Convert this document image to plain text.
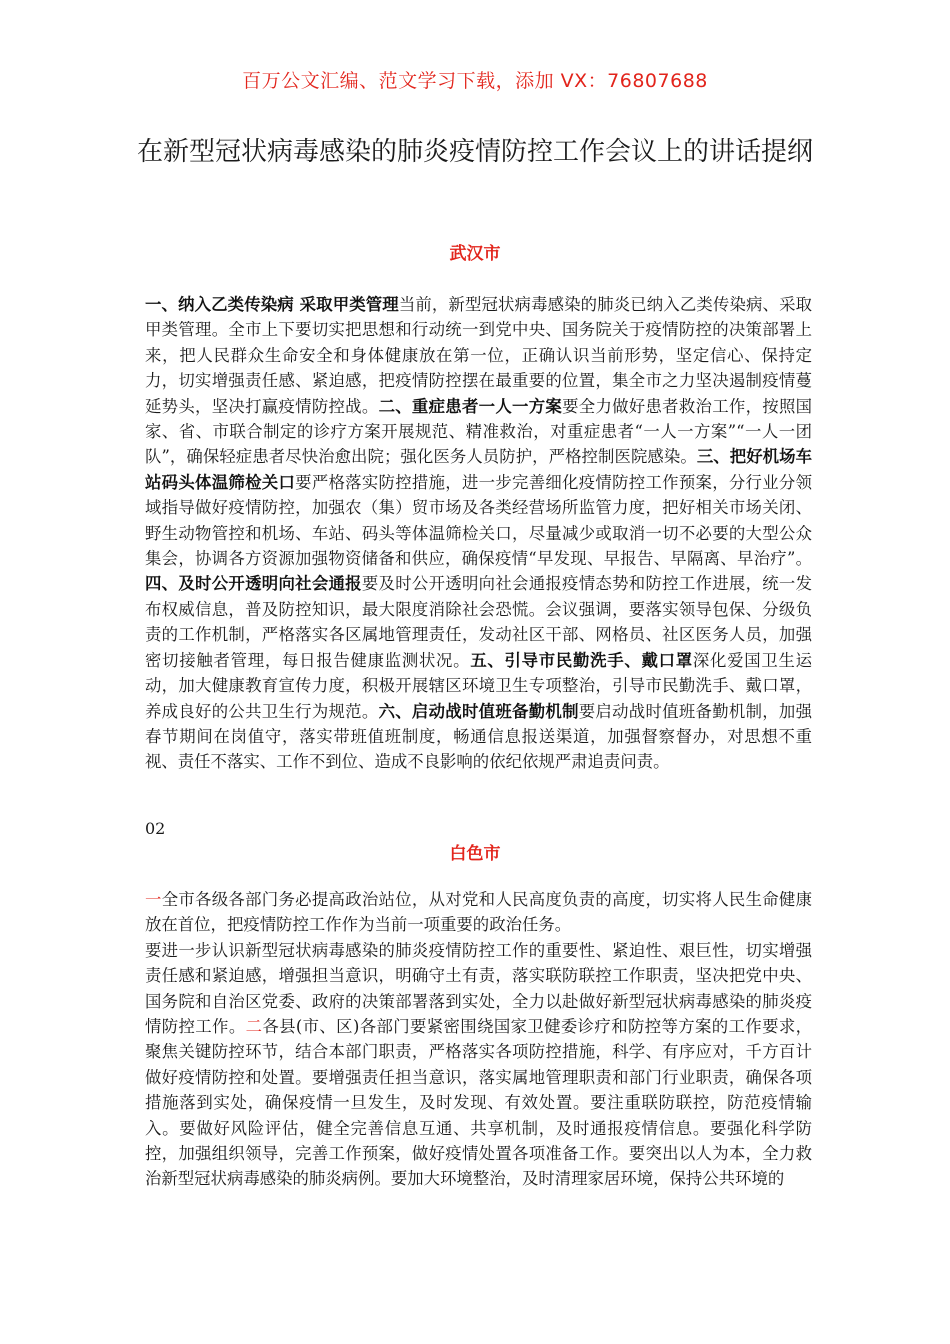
百万公文汇编、范文学习下载，添加 VX：76807688
在新型冠状病毒感染的肺炎疫情防控工作会议上的讲话提纲
武汉市
一、纳入乙类传染病 采取甲类管理当前，新型冠状病毒感染的肺炎已纳入乙类传染病、采取甲类管理。全市上下要切实把思想和行动统一到党中央、国务院关于疫情防控的决策部署上来，把人民群众生命安全和身体健康放在第一位，正确认识当前形势，坚定信心、保持定力，切实增强责任感、紧迫感，把疫情防控摆在最重要的位置，集全市之力坚决遏制疫情蔓延势头，坚决打赢疫情防控战。二、重症患者一人一方案要全力做好患者救治工作，按照国家、省、市联合制定的诊疗方案开展规范、精准救治，对重症患者“一人一方案”“一人一团队”，确保轻症患者尽快治愈出院；强化医务人员防护，严格控制医院感染。三、把好机场车站码头体温筛检关口要严格落实防控措施，进一步完善细化疫情防控工作预案，分行业分领域指导做好疫情防控，加强农（集）贸市场及各类经营场所监管力度，把好相关市场关闭、野生动物管控和机场、车站、码头等体温筛检关口，尽量减少或取消一切不必要的大型公众集会，协调各方资源加强物资储备和供应，确保疫情“早发现、早报告、早隔离、早治疗”。四、及时公开透明向社会通报要及时公开透明向社会通报疫情态势和防控工作进展，统一发布权威信息，普及防控知识，最大限度消除社会恐慌。会议强调，要落实领导包保、分级负责的工作机制，严格落实各区属地管理责任，发动社区干部、网格员、社区医务人员，加强密切接触者管理，每日报告健康监测状况。五、引导市民勤洗手、戴口罩深化爱国卫生运动，加大健康教育宣传力度，积极开展辖区环境卫生专项整治，引导市民勤洗手、戴口罩，养成良好的公共卫生行为规范。六、启动战时值班备勤机制要启动战时值班备勤机制，加强春节期间在岗值守，落实带班值班制度，畅通信息报送渠道，加强督察督办，对思想不重视、责任不落实、工作不到位、造成不良影响的依纪依规严肃追责问责。
02
白色市

一全市各级各部门务必提高政治站位，从对党和人民高度负责的高度，切实将人民生命健康放在首位，把疫情防控工作作为当前一项重要的政治任务。

要进一步认识新型冠状病毒感染的肺炎疫情防控工作的重要性、紧迫性、艰巨性，切实增强责任感和紧迫感，增强担当意识，明确守土有责，落实联防联控工作职责，坚决把党中央、国务院和自治区党委、政府的决策部署落到实处，全力以赴做好新型冠状病毒感染的肺炎疫情防控工作。二各县(市、区)各部门要紧密围绕国家卫健委诊疗和防控等方案的工作要求，聚焦关键防控环节，结合本部门职责，严格落实各项防控措施，科学、有序应对，千方百计做好疫情防控和处置。要增强责任担当意识，落实属地管理职责和部门行业职责，确保各项措施落到实处，确保疫情一旦发生，及时发现、有效处置。要注重联防联控，防范疫情输入。要做好风险评估，健全完善信息互通、共享机制，及时通报疫情信息。要强化科学防控，加强组织领导，完善工作预案，做好疫情处置各项准备工作。要突出以人为本，全力救治新型冠状病毒感染的肺炎病例。要加大环境整治，及时清理家居环境，保持公共环境的
